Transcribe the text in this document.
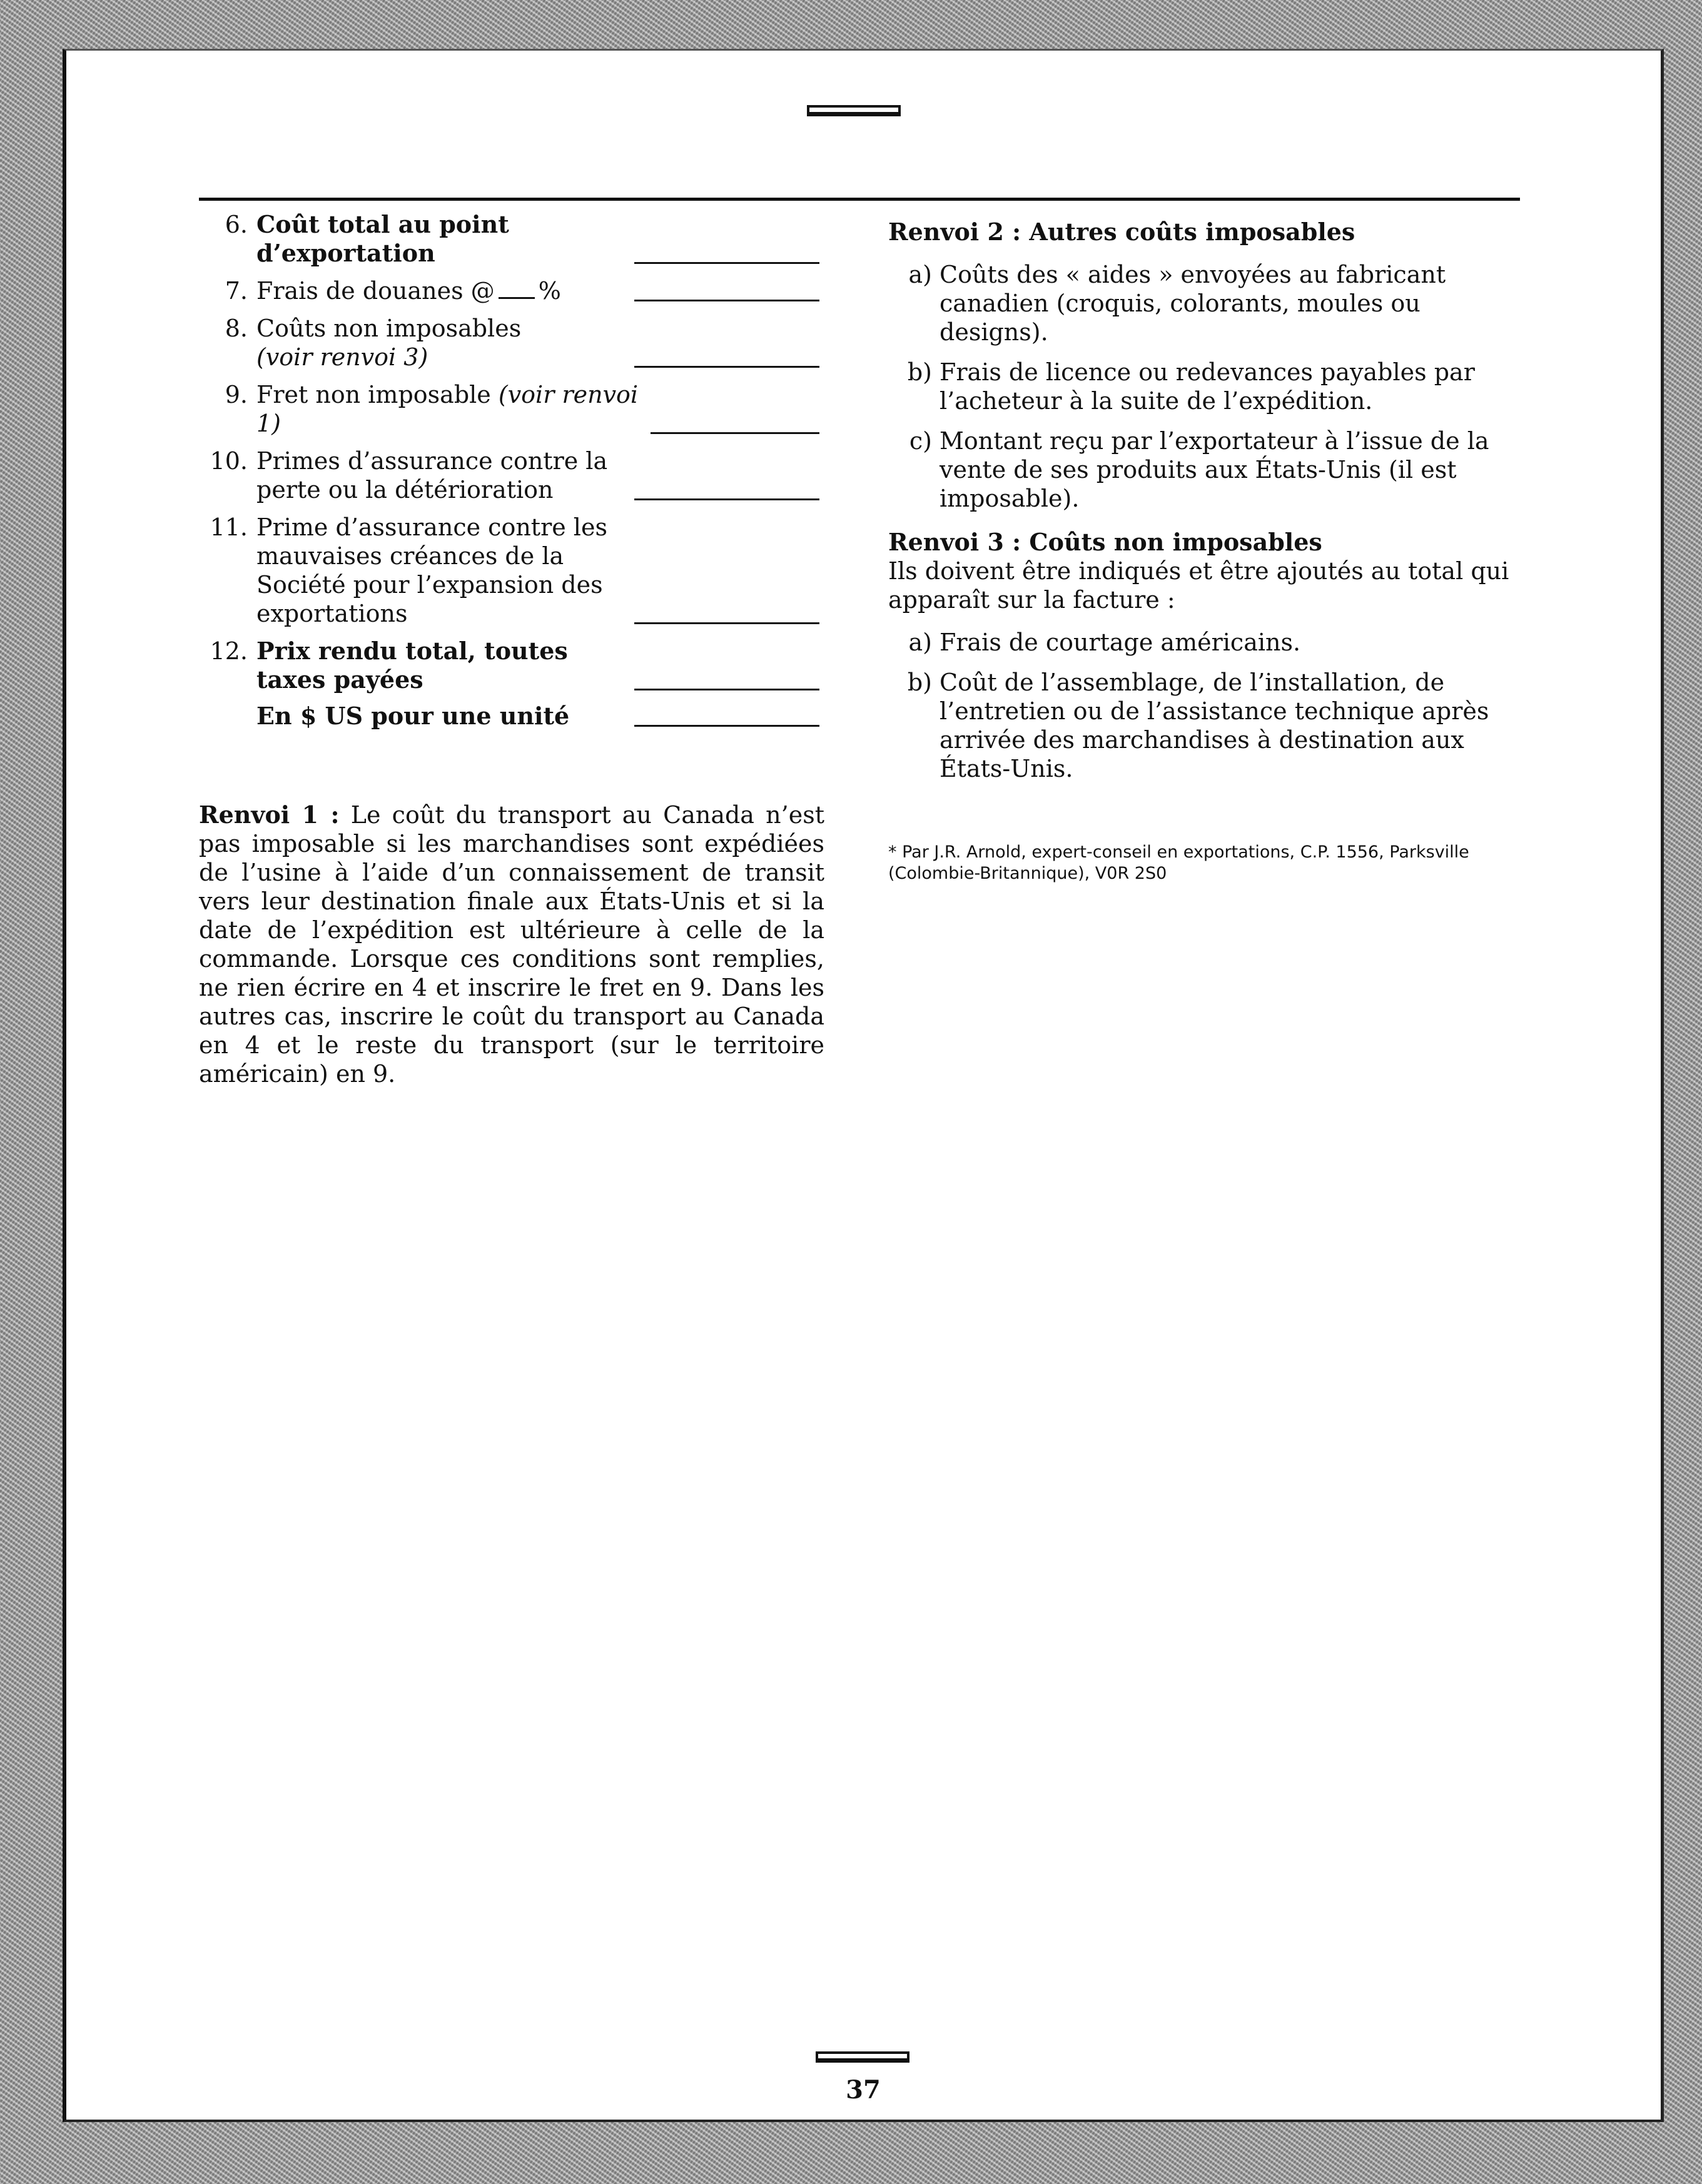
6. Coût total au point d’exportation
7. Frais de douanes @ %
8. Coûts non imposables (voir renvoi 3)
9. Fret non imposable (voir renvoi 1)
10. Primes d’assurance contre la perte ou la détérioration
11. Prime d’assurance contre les mauvaises créances de la Société pour l’expansion des exportations
12. Prix rendu total, toutes taxes payées
En $ US pour une unité

Renvoi 1 : Le coût du transport au Canada n’est pas imposable si les marchandises sont expédiées de l’usine à l’aide d’un connaissement de transit vers leur destination finale aux États-Unis et si la date de l’expédition est ultérieure à celle de la commande. Lorsque ces conditions sont remplies, ne rien écrire en 4 et inscrire le fret en 9. Dans les autres cas, inscrire le coût du transport au Canada en 4 et le reste du transport (sur le territoire américain) en 9.

Renvoi 2 : Autres coûts imposables
a) Coûts des « aides » envoyées au fabricant canadien (croquis, colorants, moules ou designs).
b) Frais de licence ou redevances payables par l’acheteur à la suite de l’expédition.
c) Montant reçu par l’exportateur à l’issue de la vente de ses produits aux États-Unis (il est imposable).
Renvoi 3 : Coûts non imposables
Ils doivent être indiqués et être ajoutés au total qui apparaît sur la facture :
a) Frais de courtage américains.
b) Coût de l’assemblage, de l’installation, de l’entretien ou de l’assistance technique après arrivée des marchandises à destination aux États-Unis.
* Par J.R. Arnold, expert-conseil en exportations, C.P. 1556, Parksville (Colombie-Britannique), V0R 2S0
37
